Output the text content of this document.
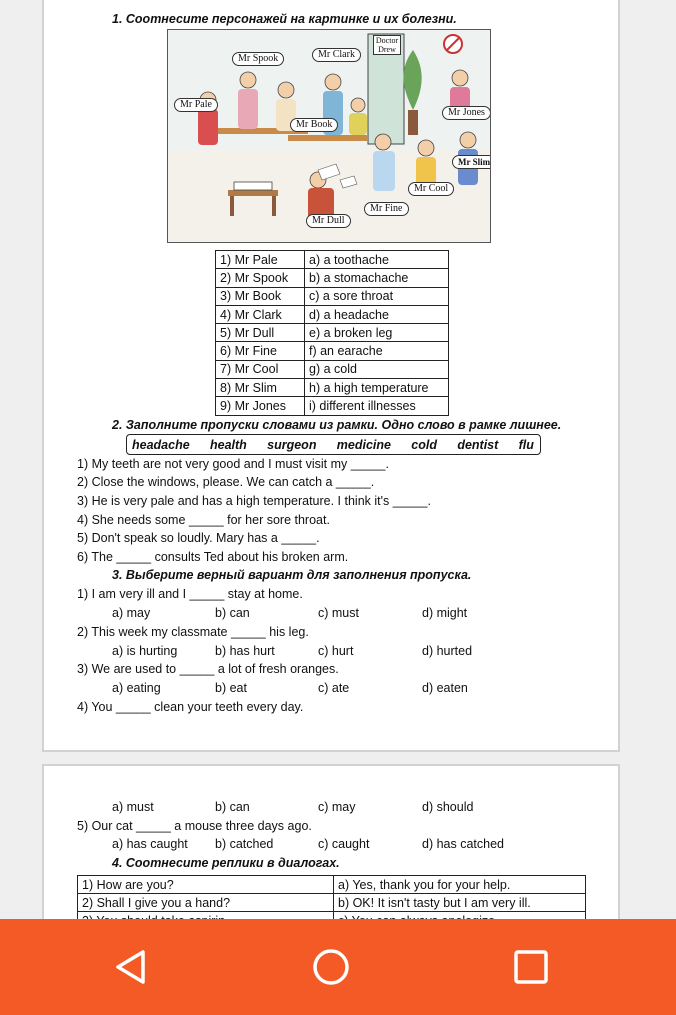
1. Соотнесите персонажей на картинке и их болезни.
Doctor
Drew
Mr Spook	Mr Clark
Mr Pale
Mr Book
Mr Jones
Mr Slim
Mr Cool
Mr Fine
Mr Dull
1) Mr Pale	a) a toothache
2) Mr Spook	b) a stomachache
3) Mr Book	c) a sore throat
4) Mr Clark	d) a headache
5) Mr Dull	e) a broken leg
6) Mr Fine	f) an earache
7) Mr Cool	g) a cold
8) Mr Slim	h) a high temperature
9) Mr Jones	i) different illnesses
2. Заполните пропуски словами из рамки. Одно слово в рамке лишнее.
headache health surgeon medicine cold dentist flu
1) My teeth are not very good and I must visit my _____.
2) Close the windows, please. We can catch a _____.
3) He is very pale and has a high temperature. I think it's _____.
4) She needs some _____ for her sore throat.
5) Don't speak so loudly. Mary has a _____.
6) The _____ consults Ted about his broken arm.
3. Выберите верный вариант для заполнения пропуска.
1) I am very ill and I _____ stay at home.
a) may	b) can	c) must	d) might
2) This week my classmate _____ his leg.
a) is hurting	b) has hurt	c) hurt	d) hurted
3) We are used to _____ a lot of fresh oranges.
a) eating	b) eat	c) ate	d) eaten
4) You _____ clean your teeth every day.
a) must	b) can	c) may	d) should
5) Our cat _____ a mouse three days ago.
a) has caught b) catched	c) caught	d) has catched
4. Соотнесите реплики в диалогах.
1) How are you?	a) Yes, thank you for your help.
2) Shall I give you a hand?	b) OK! It isn't tasty but I am very ill.
